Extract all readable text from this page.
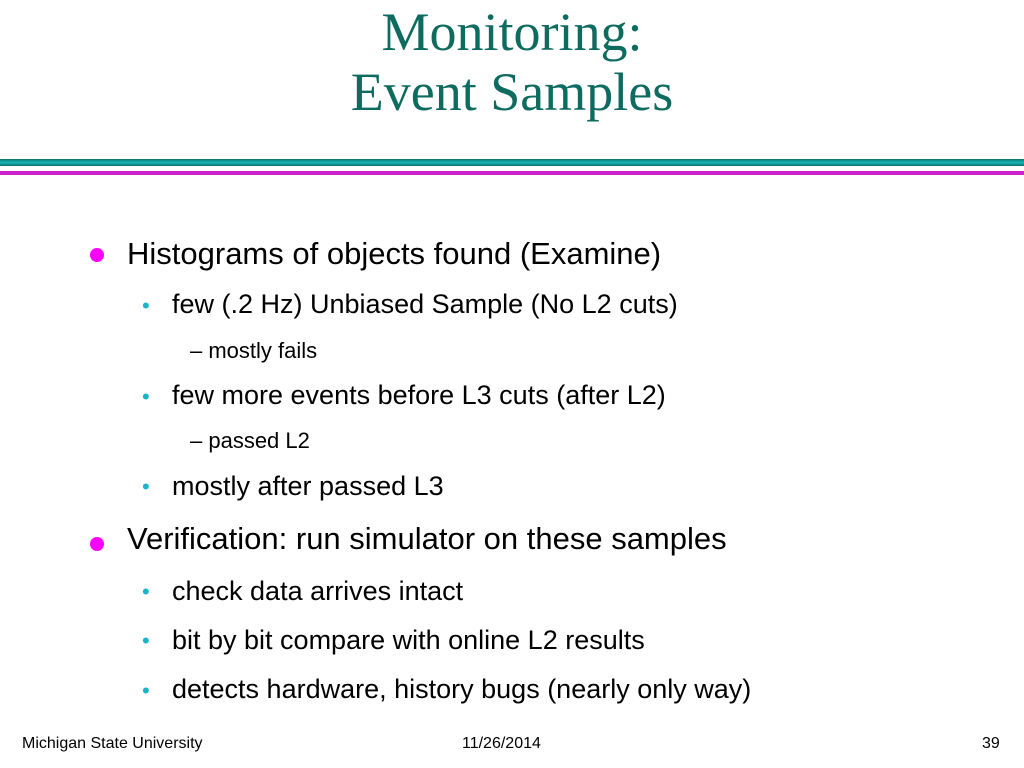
Monitoring:
Event Samples
Histograms of objects found (Examine)
• few (.2 Hz) Unbiased Sample (No L2 cuts)
– mostly fails
• few more events before L3 cuts (after L2)
– passed L2
• mostly after passed L3
Verification: run simulator on these samples
• check data arrives intact
• bit by bit compare with online L2 results
• detects hardware, history bugs (nearly only way)
Michigan State University	11/26/2014	39
